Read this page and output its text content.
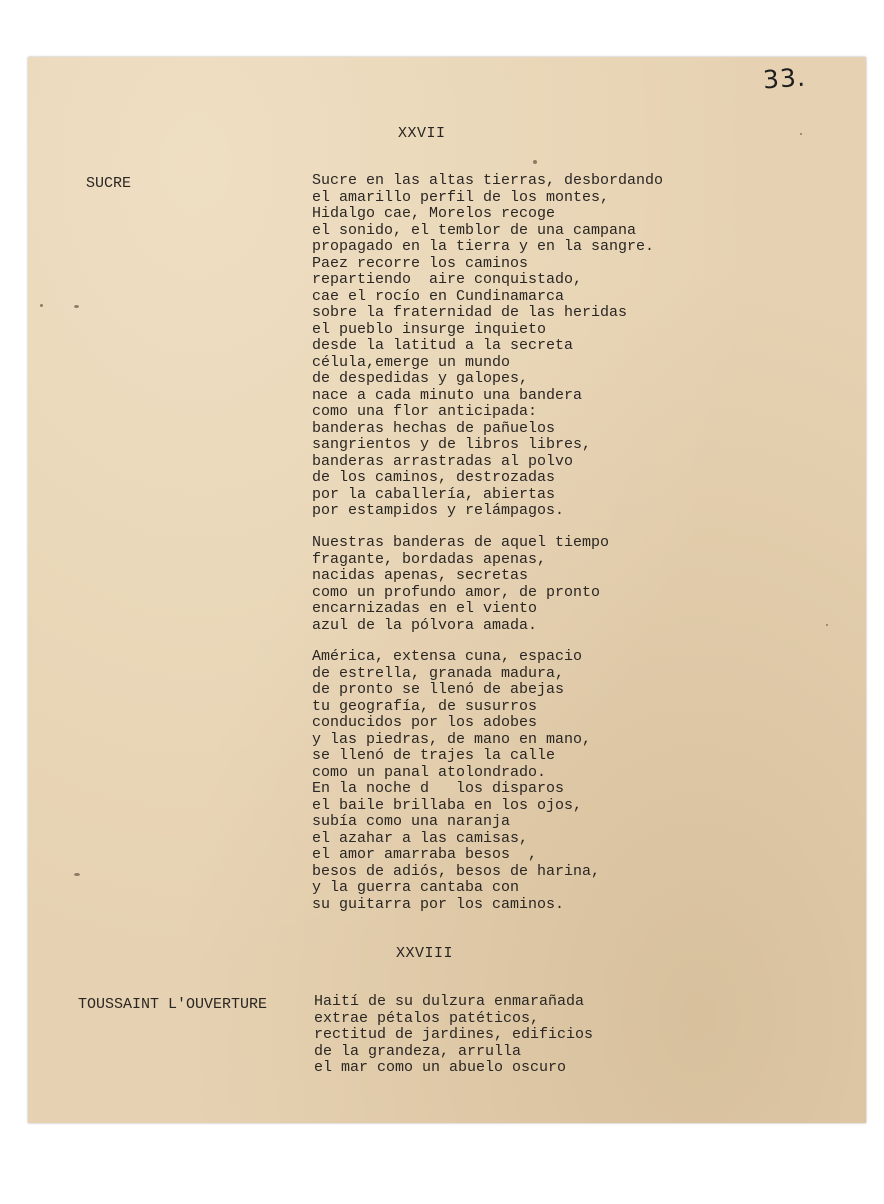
33.
XXVII
SUCRE	Sucre en las altas tierras, desbordando
el amarillo perfil de los montes,
Hidalgo cae, Morelos recoge
el sonido, el temblor de una campana
propagado en la tierra y en la sangre.
Paez recorre los caminos
repartiendo  aire conquistado,
cae el rocío en Cundinamarca
sobre la fraternidad de las heridas
el pueblo insurge inquieto
desde la latitud a la secreta
célula,emerge un mundo
de despedidas y galopes,
nace a cada minuto una bandera
como una flor anticipada:
banderas hechas de pañuelos
sangrientos y de libros libres,
banderas arrastradas al polvo
de los caminos, destrozadas
por la caballería, abiertas
por estampidos y relámpagos.
Nuestras banderas de aquel tiempo
fragante, bordadas apenas,
nacidas apenas, secretas
como un profundo amor, de pronto
encarnizadas en el viento
azul de la pólvora amada.
América, extensa cuna, espacio
de estrella, granada madura,
de pronto se llenó de abejas
tu geografía, de susurros
conducidos por los adobes
y las piedras, de mano en mano,
se llenó de trajes la calle
como un panal atolondrado.
En la noche d   los disparos
el baile brillaba en los ojos,
subía como una naranja
el azahar a las camisas,
el amor amarraba besos  ,
besos de adiós, besos de harina,
y la guerra cantaba con
su guitarra por los caminos.
XXVIII
TOUSSAINT L'OUVERTURE	Haití de su dulzura enmarañada
extrae pétalos patéticos,
rectitud de jardines, edificios
de la grandeza, arrulla
el mar como un abuelo oscuro
